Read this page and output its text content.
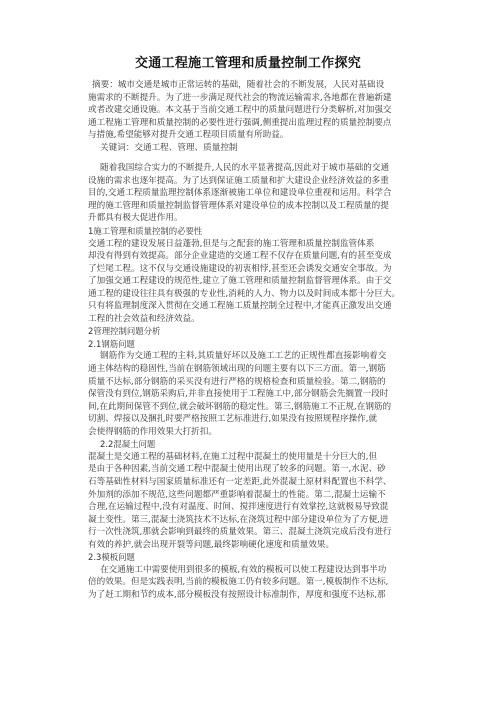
交通工程施工管理和质量控制工作探究
摘要：城市交通是城市正常运转的基础，随着社会的不断发展，人民对基础设
施需求的不断提升。为了进一步满足现代社会的物流运输需求,各地都在普遍新建
或者改建交通设施。本文基于当前交通工程中的质量问题进行分类解析,对加强交
通工程施工管理和质量控制的必要性进行强调,侧重提出监理过程的质量控制要点
与措施,希望能够对提升交通工程项目质量有所助益。
关键词：交通工程、管理、质量控制
随着我国综合实力的不断提升,人民的水平显著提高,因此对于城市基础的交通
设施的需求也逐年提高。为了达到保证施工质量和扩大建设企业经济效益的多重
目的,交通工程质量监理控制体系逐渐被施工单位和建设单位重视和运用。科学合
理的施工管理和质量控制监督管理体系对建设单位的成本控制以及工程质量的提
升都具有极大促进作用。
1施工管理和质量控制的必要性
交通工程的建设发展日益蓬勃,但是与之配套的施工管理和质量控制监管体系
却没有得到有效提高。部分企业建造的交通工程不仅存在质量问题,有的甚至变成
了烂尾工程。这不仅与交通设施建设的初衷相悖,甚至还会诱发交通安全事故。为
了加强交通工程建设的规范性,建立了施工管理和质量控制监督管理体系。由于交
通工程的建设往往具有极强的专业性,消耗的人力、物力以及时间成本都十分巨大。
只有将监理制度深入贯彻在交通工程施工质量控制全过程中,才能真正激发出交通
工程的社会效益和经济效益。
2管理控制问题分析
2.1钢筋问题
钢筋作为交通工程的主料,其质量好坏以及施工工艺的正规性都直接影响着交
通主体结构的稳固性,当前在钢筋领域出现的问题主要有以下三方面。第一,钢筋
质量不达标,部分钢筋的采买没有进行严格的规格检查和质量检验。第二,钢筋的
保管没有到位,钢筋采购后,并非直接使用于工程施工中,部分钢筋会先搁置一段时
间,在此期间保管不到位,就会破坏钢筋的稳定性。第三,钢筋施工不正规,在钢筋的
切割、焊接以及捆扎时要严格按照工艺标准进行,如果没有按照规程序操作,就
会使得钢筋的作用效果大打折扣。
2.2混凝土问题
混凝土是交通工程的基础材料,在施工过程中混凝土的使用量是十分巨大的,但
是由于各种因素,当前交通工程中混凝土使用出现了较多的问题。第一,水泥、砂
石等基础性材料与国家质量标准还有一定差距,此外混凝土原材料配置也不科学、
外加剂的添加不规范,这些问题都严重影响着混凝土的性能。第二,混凝土运输不
合理,在运输过程中,没有对温度、时间、搅拌速度进行有效掌控,这就极易导致混
凝土变性。第三,混凝土浇筑技术不达标,在浇筑过程中部分建设单位为了方便,进
行一次性浇筑,那就会影响到最终的质量效果。第三、混凝土浇筑完成后没有进行
有效的养护,就会出现开裂等问题,最终影响硬化速度和质量效果。
2.3模板问题
在交通施工中需要使用到很多的模板,有效的模板可以使工程建设达到事半功
倍的效果。但是实践表明,当前的模板施工仍有较多问题。第一,模板制作不达标,
为了赶工期和节约成本,部分模板没有按照设计标准制作，厚度和强度不达标,那
